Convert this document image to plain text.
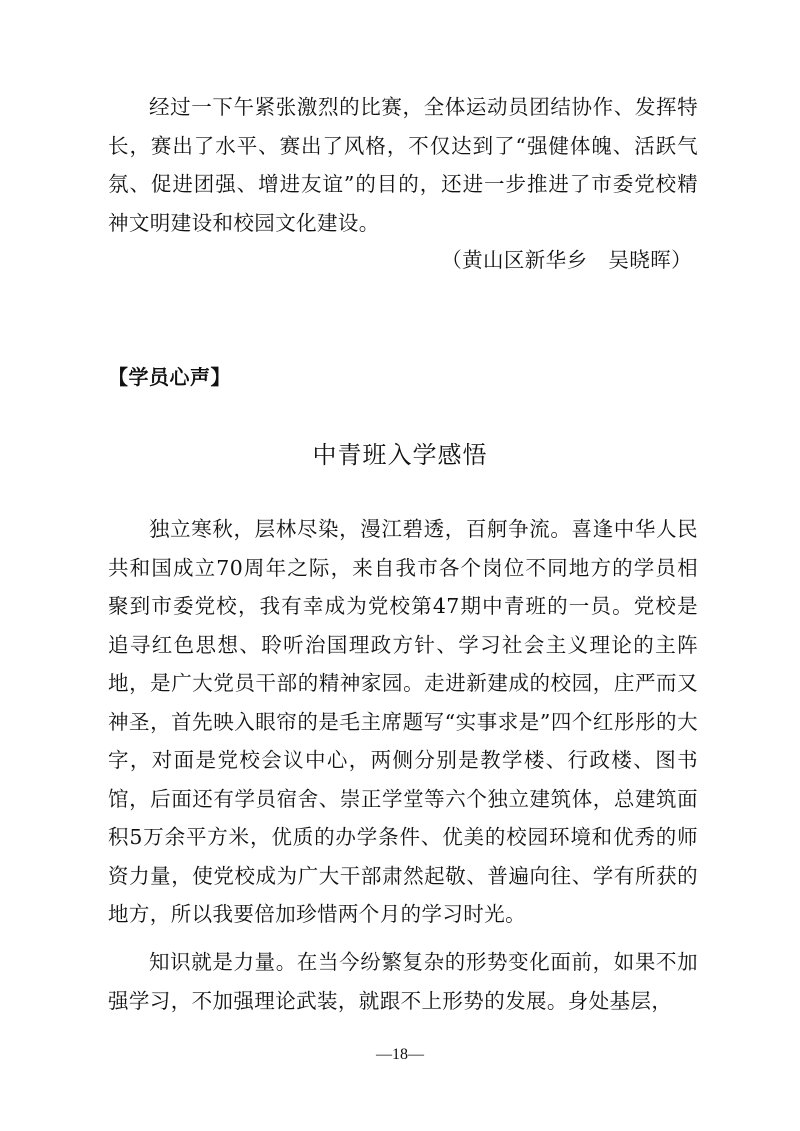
经过一下午紧张激烈的比赛，全体运动员团结协作、发挥特长，赛出了水平、赛出了风格，不仅达到了“强健体魄、活跃气氛、促进团强、增进友谊”的目的，还进一步推进了市委党校精神文明建设和校园文化建设。

（黄山区新华乡　吴晓晖）
【学员心声】
中青班入学感悟

独立寒秋，层林尽染，漫江碧透，百舸争流。喜逢中华人民共和国成立70周年之际，来自我市各个岗位不同地方的学员相聚到市委党校，我有幸成为党校第47期中青班的一员。党校是追寻红色思想、聆听治国理政方针、学习社会主义理论的主阵地，是广大党员干部的精神家园。走进新建成的校园，庄严而又神圣，首先映入眼帘的是毛主席题写“实事求是”四个红彤彤的大字，对面是党校会议中心，两侧分别是教学楼、行政楼、图书馆，后面还有学员宿舍、崇正学堂等六个独立建筑体，总建筑面积5万余平方米，优质的办学条件、优美的校园环境和优秀的师资力量，使党校成为广大干部肃然起敬、普遍向往、学有所获的地方，所以我要倍加珍惜两个月的学习时光。

知识就是力量。在当今纷繁复杂的形势变化面前，如果不加强学习，不加强理论武装，就跟不上形势的发展。身处基层，

—18—
